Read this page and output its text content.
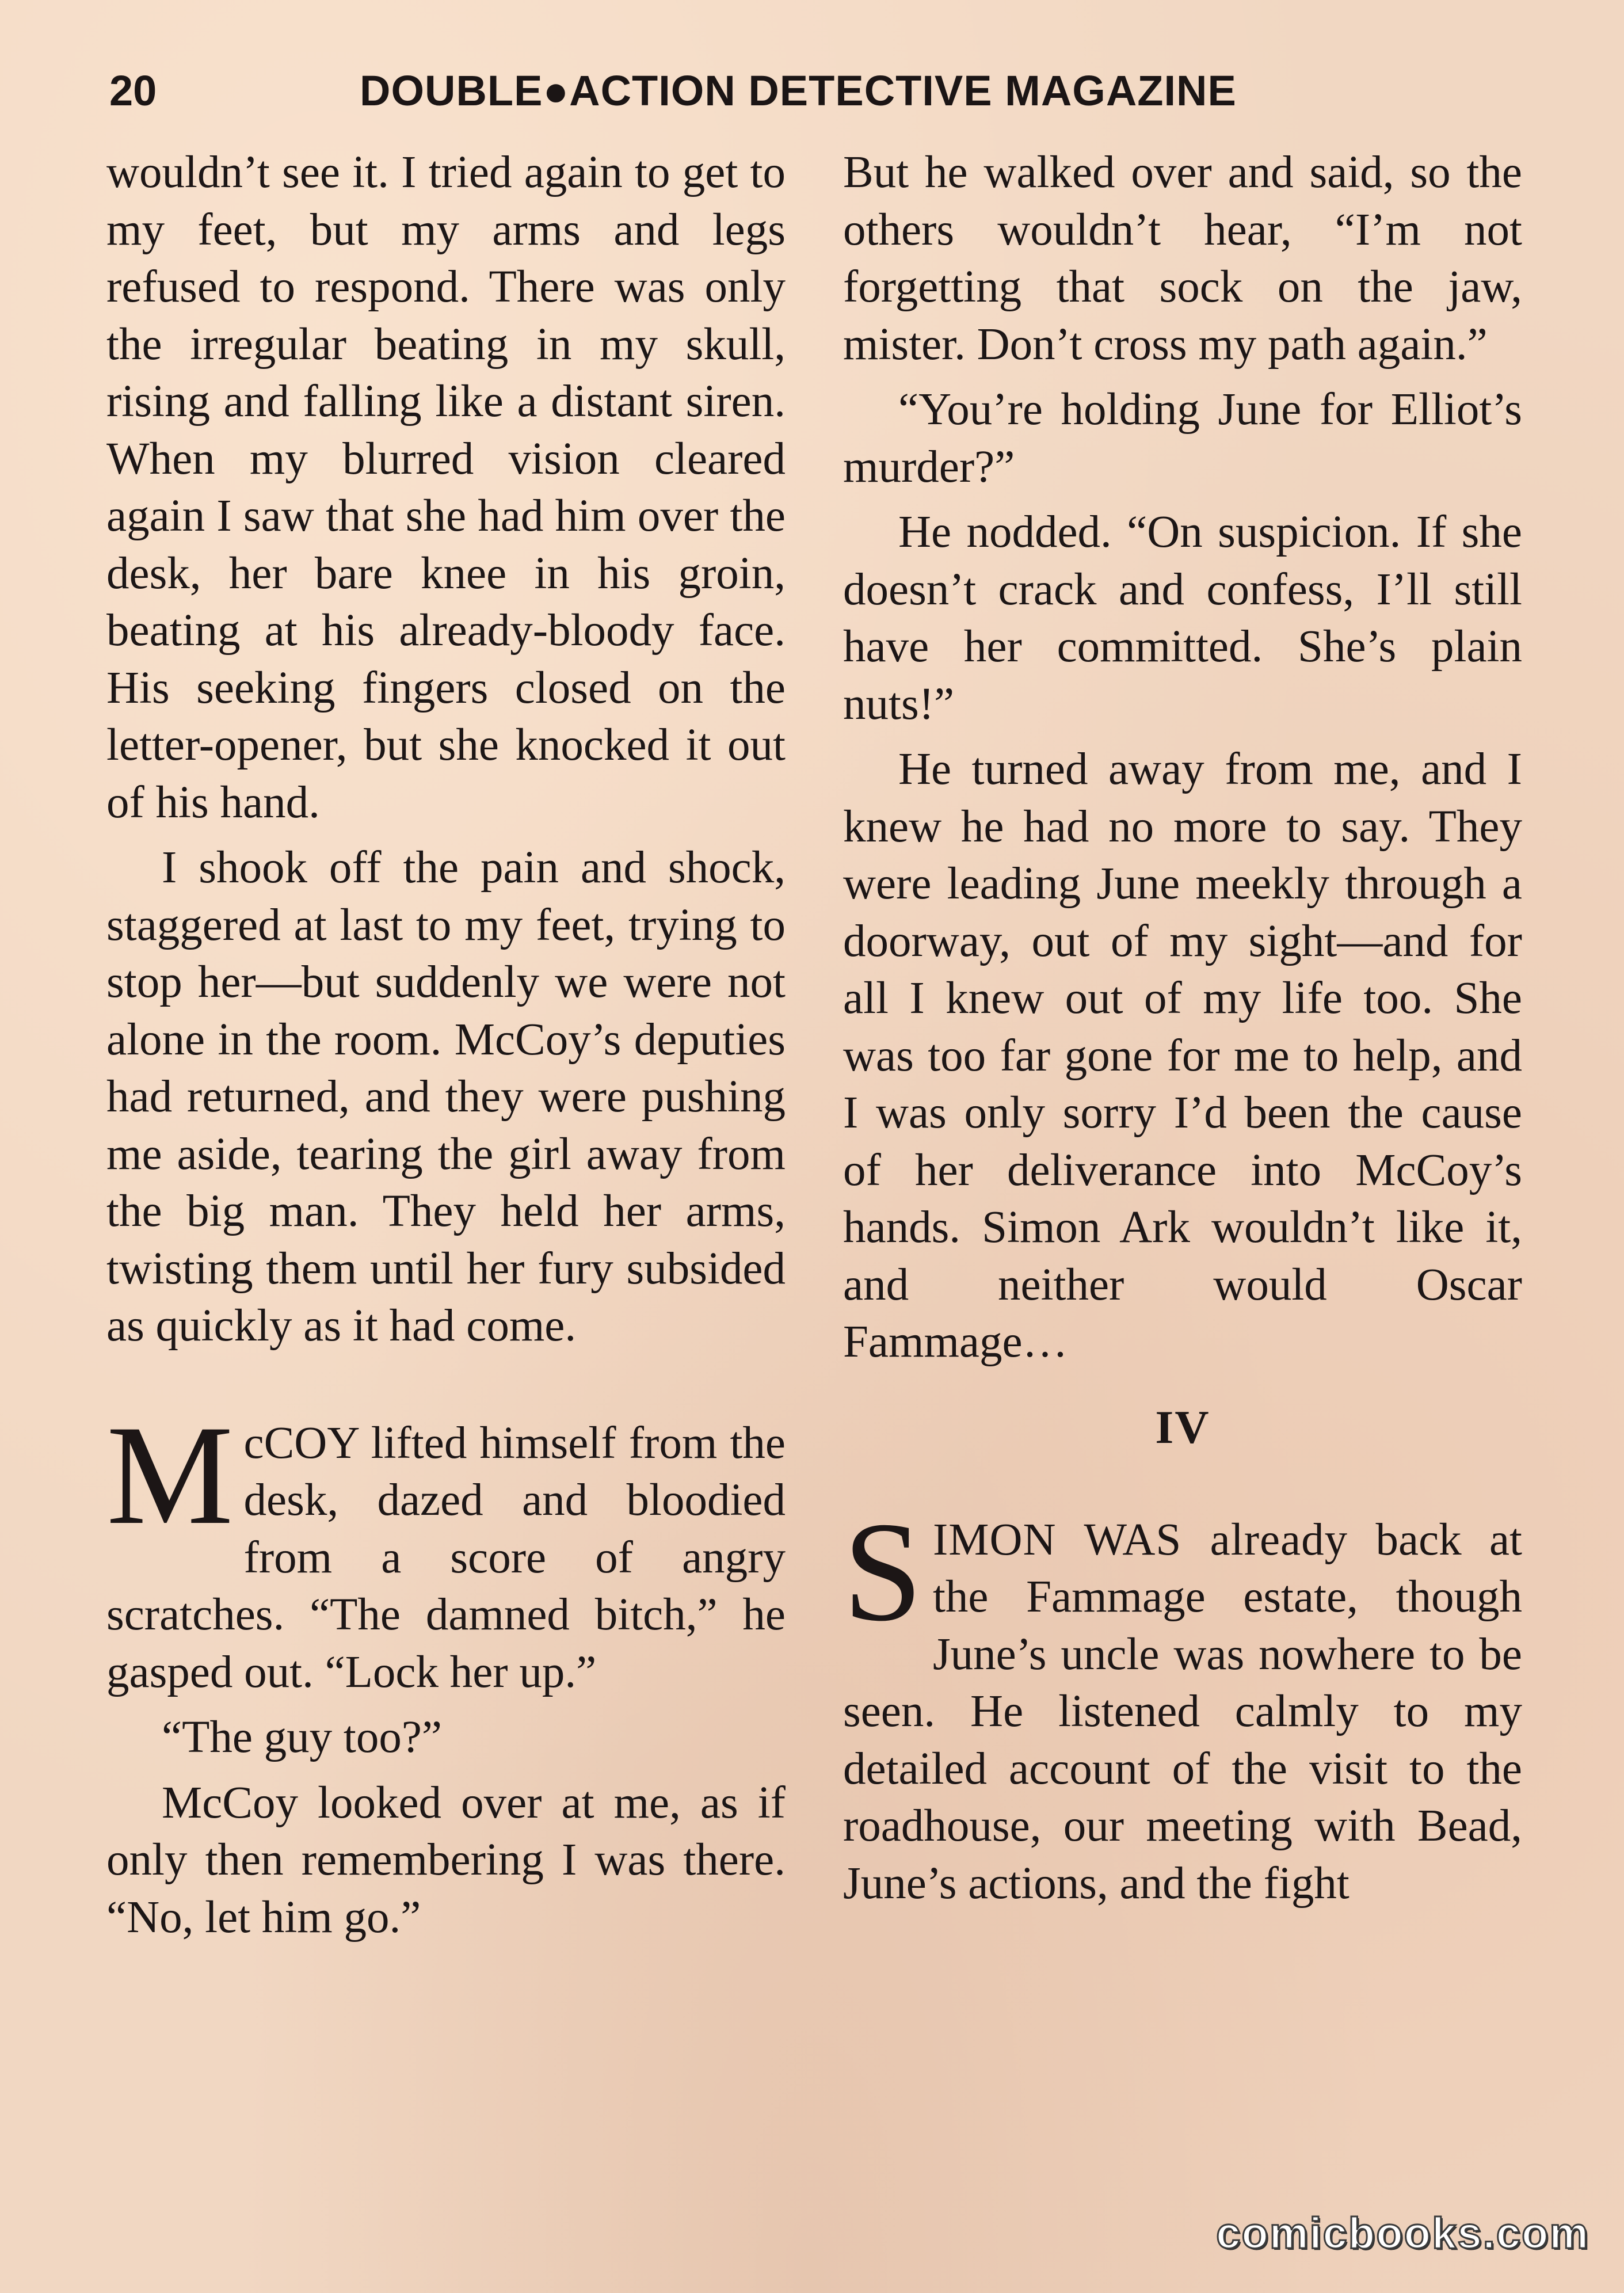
20	DOUBLE●ACTION DETECTIVE MAGAZINE

wouldn’t see it. I tried again to get to my feet, but my arms and legs refused to respond. There was only the irregular beating in my skull, rising and falling like a distant siren. When my blurred vision cleared again I saw that she had him over the desk, her bare knee in his groin, beating at his already-bloody face. His seeking fingers closed on the letter-opener, but she knocked it out of his hand.

I shook off the pain and shock, staggered at last to my feet, trying to stop her—but suddenly we were not alone in the room. McCoy’s deputies had returned, and they were pushing me aside, tearing the girl away from the big man. They held her arms, twisting them until her fury subsided as quickly as it had come.

McCOY lifted himself from the desk, dazed and bloodied from a score of angry scratches. “The damned bitch,” he gasped out. “Lock her up.”

“The guy too?”

McCoy looked over at me, as if only then remembering I was there. “No, let him go.”

But he walked over and said, so the others wouldn’t hear, “I’m not forgetting that sock on the jaw, mister. Don’t cross my path again.”

“You’re holding June for Elliot’s murder?”

He nodded. “On suspicion. If she doesn’t crack and confess, I’ll still have her committed. She’s plain nuts!”

He turned away from me, and I knew he had no more to say. They were leading June meekly through a doorway, out of my sight—and for all I knew out of my life too. She was too far gone for me to help, and I was only sorry I’d been the cause of her deliverance into McCoy’s hands. Simon Ark wouldn’t like it, and neither would Oscar Fammage…

IV

SIMON WAS already back at the Fammage estate, though June’s uncle was nowhere to be seen. He listened calmly to my detailed account of the visit to the roadhouse, our meeting with Bead, June’s actions, and the fight

comicbooks.com
